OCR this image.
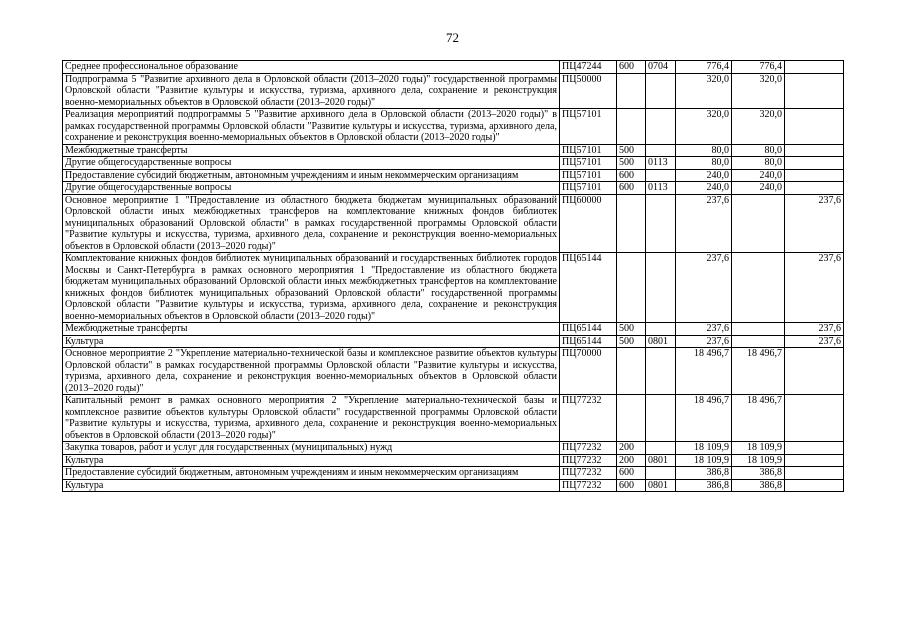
72
Среднее профессиональное образование	ПЦ47244	600	0704	776,4	776,4	
Подпрограмма 5 "Развитие архивного дела в Орловской области (2013–2020 годы)" государственной программы Орловской области "Развитие культуры и искусства, туризма, архивного дела, сохранение и реконструкция военно-мемориальных объектов в Орловской области (2013–2020 годы)"	ПЦ50000			320,0	320,0	
Реализация мероприятий подпрограммы 5 "Развитие архивного дела в Орловской области (2013–2020 годы)" в рамках государственной программы Орловской области "Развитие культуры и искусства, туризма, архивного дела, сохранение и реконструкция военно-мемориальных объектов в Орловской области (2013–2020 годы)"	ПЦ57101			320,0	320,0	
Межбюджетные трансферты	ПЦ57101	500		80,0	80,0	
Другие общегосударственные вопросы	ПЦ57101	500	0113	80,0	80,0	
Предоставление субсидий бюджетным, автономным учреждениям и иным некоммерческим организациям	ПЦ57101	600		240,0	240,0	
Другие общегосударственные вопросы	ПЦ57101	600	0113	240,0	240,0	
Основное мероприятие 1 "Предоставление из областного бюджета бюджетам муниципальных образований Орловской области иных межбюджетных трансферов на комплектование книжных фондов библиотек муниципальных образований Орловской области" в рамках государственной программы Орловской области "Развитие культуры и искусства, туризма, архивного дела, сохранение и реконструкция военно-мемориальных объектов в Орловской области (2013–2020 годы)"	ПЦ60000			237,6		237,6
Комплектование книжных фондов библиотек муниципальных образований и государственных библиотек городов Москвы и Санкт-Петербурга в рамках основного мероприятия 1 "Предоставление из областного бюджета бюджетам муниципальных образований Орловской области иных межбюджетных трансфертов на комплектование книжных фондов библиотек муниципальных образований Орловской области" государственной программы Орловской области "Развитие культуры и искусства, туризма, архивного дела, сохранение и реконструкция военно-мемориальных объектов в Орловской области (2013–2020 годы)"	ПЦ65144			237,6		237,6
Межбюджетные трансферты	ПЦ65144	500		237,6		237,6
Культура	ПЦ65144	500	0801	237,6		237,6
Основное мероприятие 2 "Укрепление материально-технической базы и комплексное развитие объектов культуры Орловской области" в рамках государственной программы Орловской области "Развитие культуры и искусства, туризма, архивного дела, сохранение и реконструкция военно-мемориальных объектов в Орловской области (2013–2020 годы)"	ПЦ70000			18 496,7	18 496,7	
Капитальный ремонт в рамках основного мероприятия 2 "Укрепление материально-технической базы и комплексное развитие объектов культуры Орловской области" государственной программы Орловской области "Развитие культуры и искусства, туризма, архивного дела, сохранение и реконструкция военно-мемориальных объектов в Орловской области (2013–2020 годы)"	ПЦ77232			18 496,7	18 496,7	
Закупка товаров, работ и услуг для государственных (муниципальных) нужд	ПЦ77232	200		18 109,9	18 109,9	
Культура	ПЦ77232	200	0801	18 109,9	18 109,9	
Предоставление субсидий бюджетным, автономным учреждениям и иным некоммерческим организациям	ПЦ77232	600		386,8	386,8	
Культура	ПЦ77232	600	0801	386,8	386,8	
